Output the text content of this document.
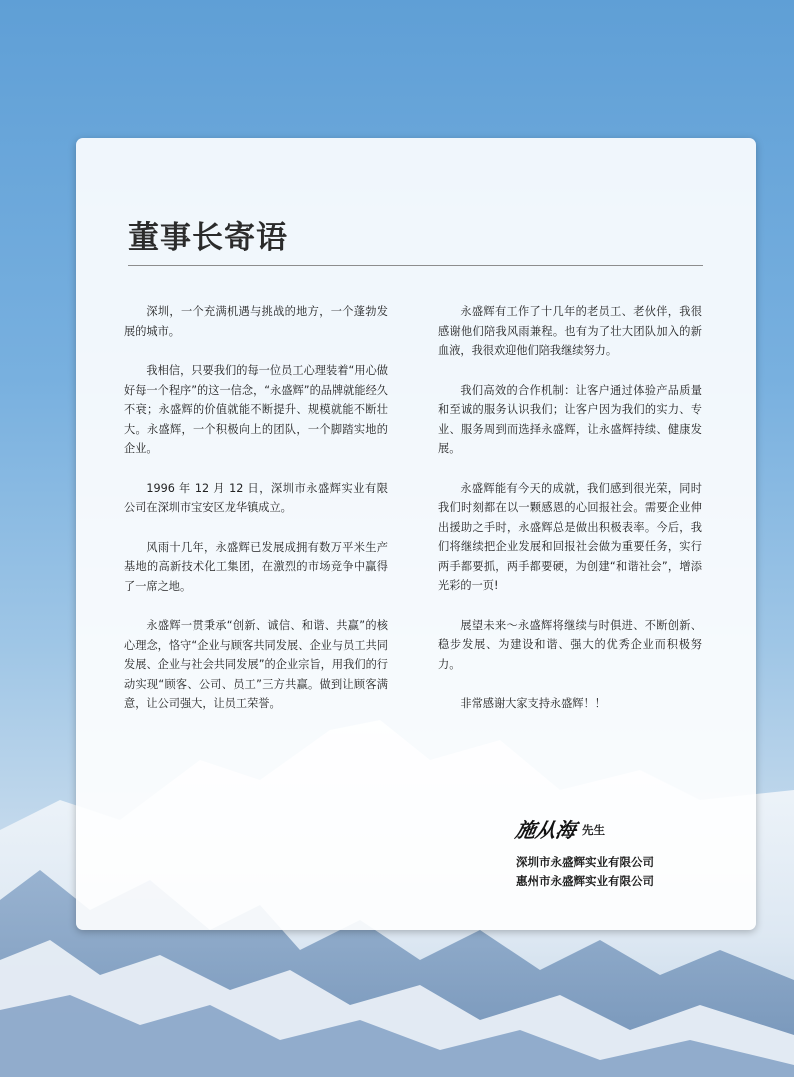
董事长寄语

深圳，一个充满机遇与挑战的地方，一个蓬勃发展的城市。

我相信，只要我们的每一位员工心理装着“用心做好每一个程序”的这一信念，“永盛辉”的品牌就能经久不衰；永盛辉的价值就能不断提升、规模就能不断壮大。永盛辉，一个积极向上的团队，一个脚踏实地的企业。

1996 年 12 月 12 日，深圳市永盛辉实业有限公司在深圳市宝安区龙华镇成立。

风雨十几年，永盛辉已发展成拥有数万平米生产基地的高新技术化工集团，在激烈的市场竞争中赢得了一席之地。

永盛辉一贯秉承“创新、诚信、和谐、共赢”的核心理念，恪守“企业与顾客共同发展、企业与员工共同发展、企业与社会共同发展”的企业宗旨，用我们的行动实现“顾客、公司、员工”三方共赢。做到让顾客满意，让公司强大，让员工荣誉。

永盛辉有工作了十几年的老员工、老伙伴，我很感谢他们陪我风雨兼程。也有为了壮大团队加入的新血液，我很欢迎他们陪我继续努力。

我们高效的合作机制：让客户通过体验产品质量和至诚的服务认识我们；让客户因为我们的实力、专业、服务周到而选择永盛辉，让永盛辉持续、健康发展。

永盛辉能有今天的成就，我们感到很光荣，同时我们时刻都在以一颗感恩的心回报社会。需要企业伸出援助之手时，永盛辉总是做出积极表率。今后，我们将继续把企业发展和回报社会做为重要任务，实行两手都要抓，两手都要硬，为创建“和谐社会”，增添光彩的一页!

展望未来～永盛辉将继续与时俱进、不断创新、稳步发展、为建设和谐、强大的优秀企业而积极努力。

非常感谢大家支持永盛辉！！

施从海 先生
深圳市永盛辉实业有限公司
惠州市永盛辉实业有限公司
